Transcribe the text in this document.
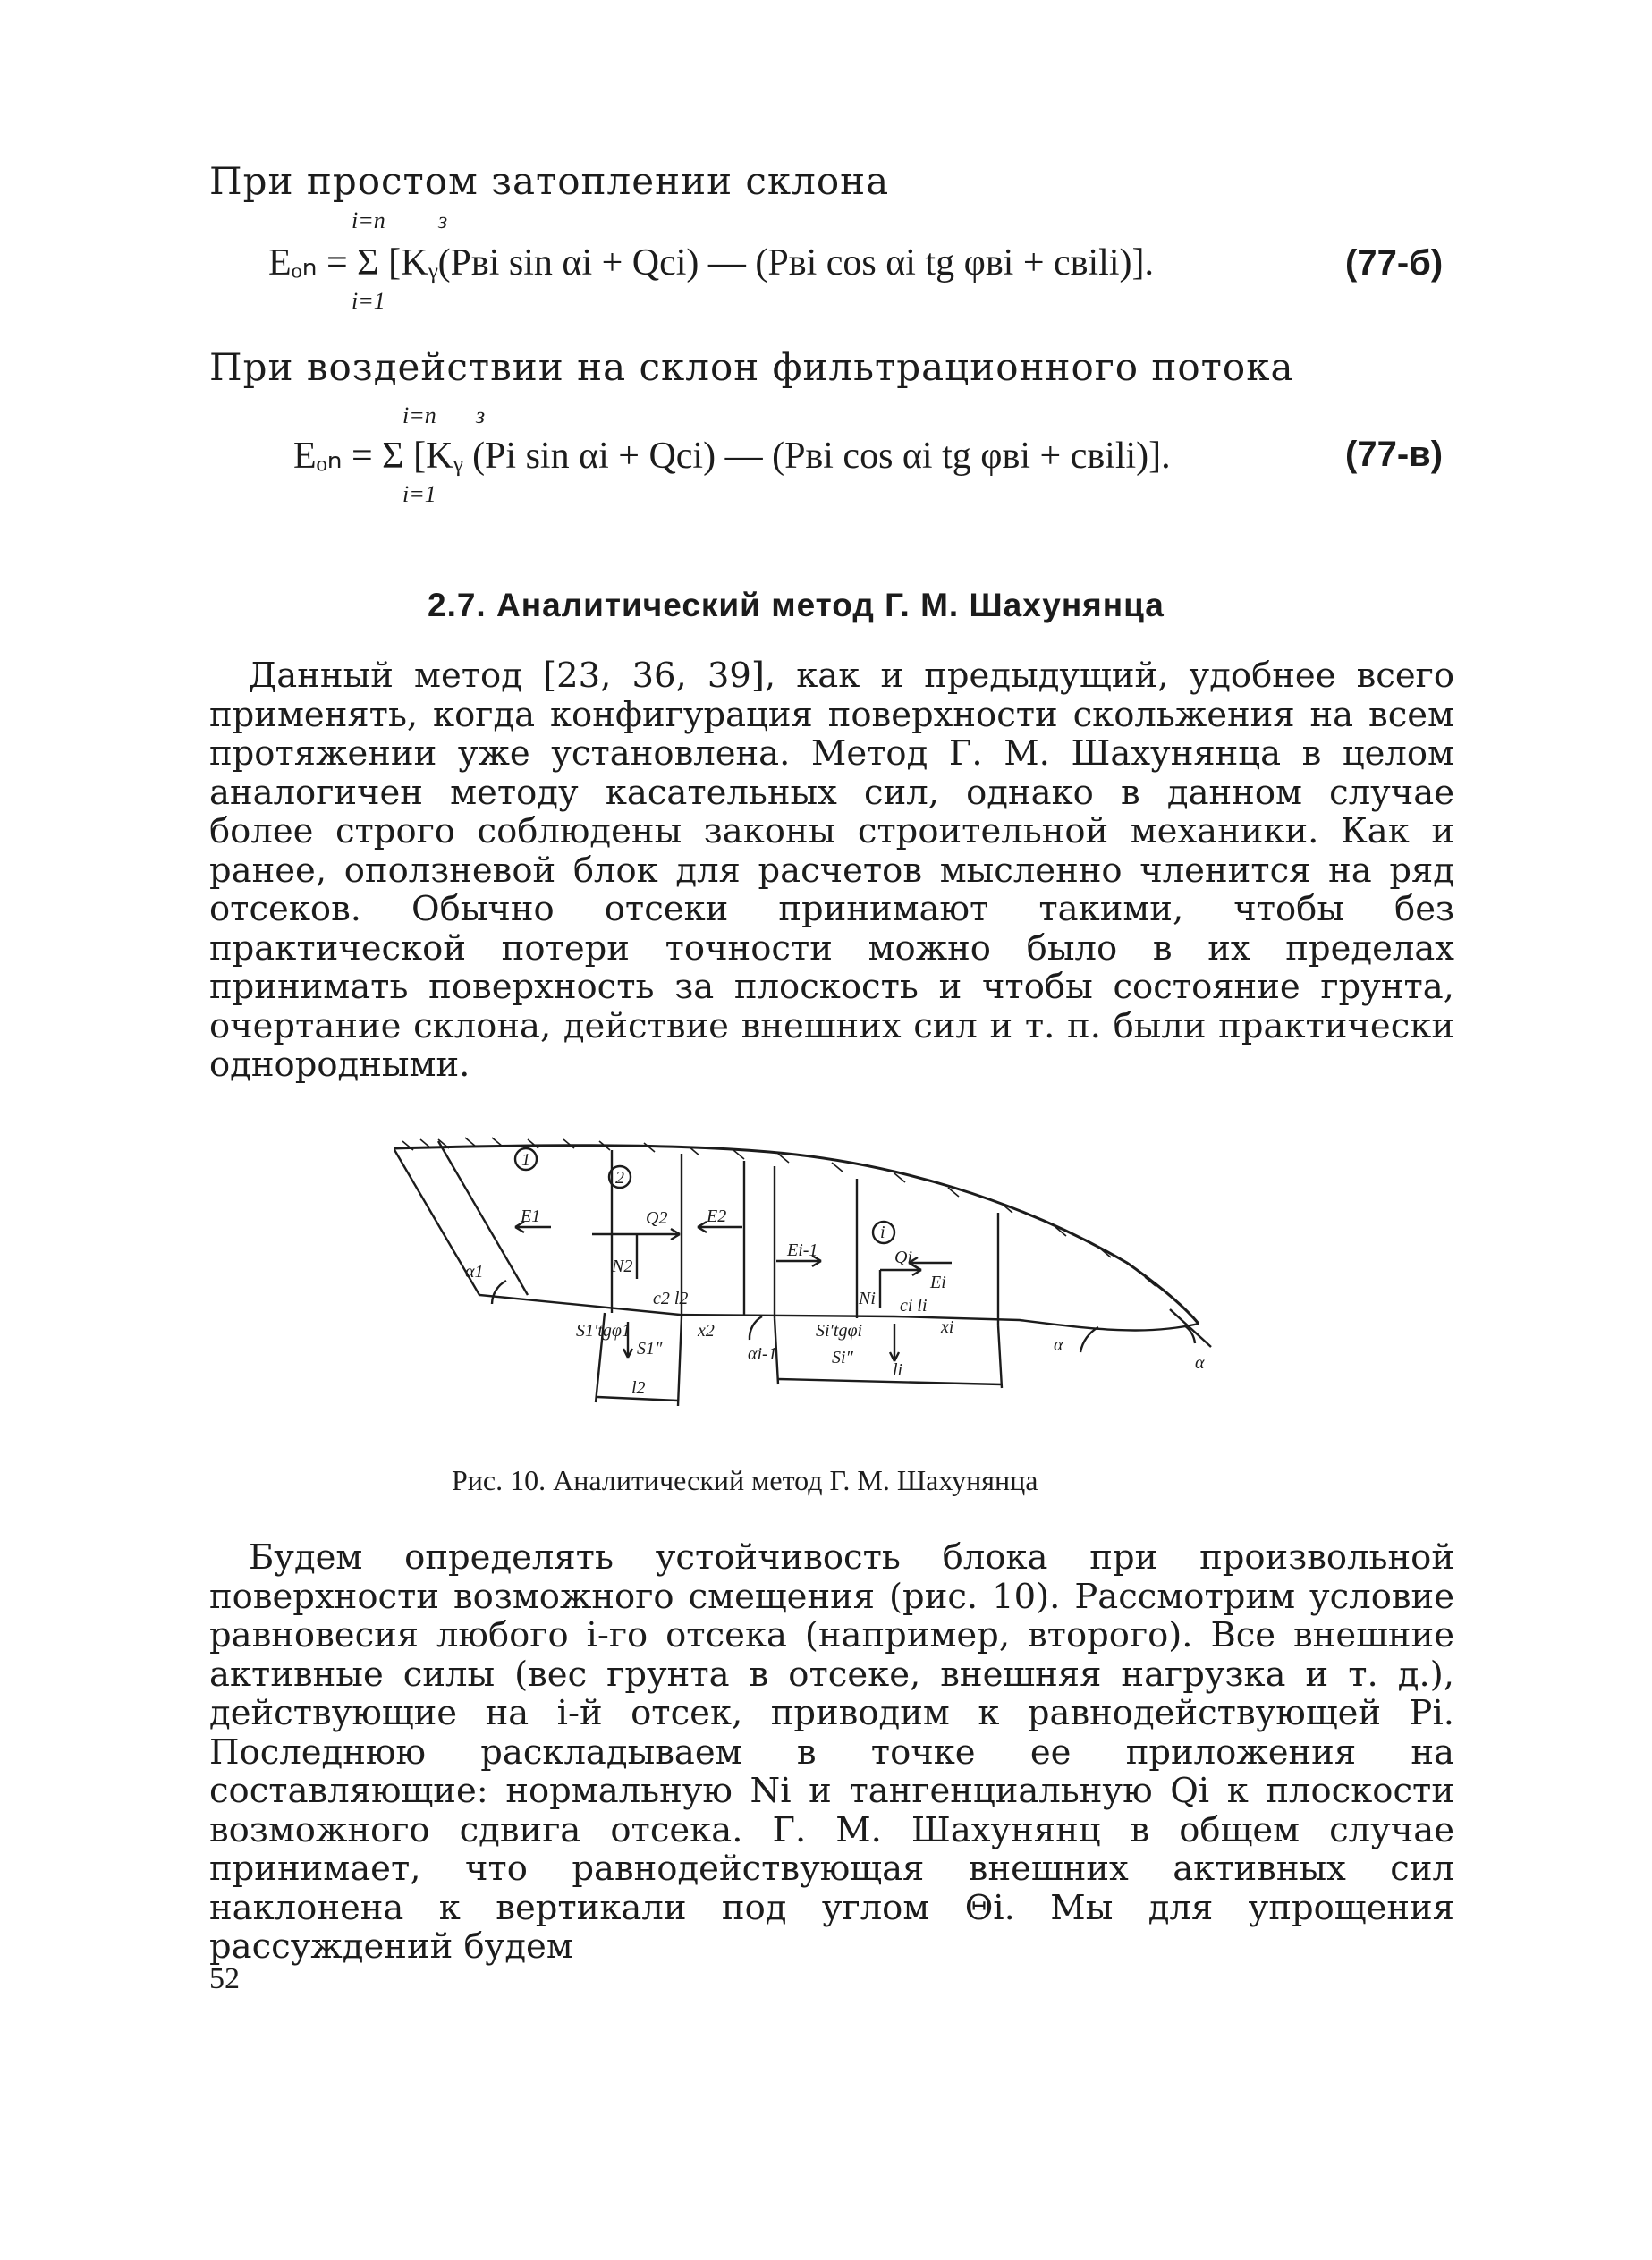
При простом затоплении склона
i=n з
Eₒₙ = Σ [Kᵧ(Pвi sin αi + Qсi) — (Pвi cos αi tg φвi + cвili)].
i=1
(77-б)
При воздействии на склон фильтрационного потока
i=n з
Eₒₙ = Σ [Kᵧ (Pi sin αi + Qсi) — (Pвi cos αi tg φвi + cвili)].
i=1
(77-в)
2.7. Аналитический метод Г. М. Шахунянца
Данный метод [23, 36, 39], как и предыдущий, удобнее всего применять, когда конфигурация поверхности скольжения на всем протяжении уже установлена. Метод Г. М. Шахунянца в целом аналогичен методу касательных сил, однако в данном случае более строго соблюдены законы строительной механики. Как и ранее, оползневой блок для расчетов мысленно членится на ряд отсеков. Обычно отсеки принимают такими, чтобы без практической потери точности можно было в их пределах принимать поверхность за плоскость и чтобы состояние грунта, очертание склона, действие внешних сил и т. п. были практически однородными.
1
2
i
E1	E2
Ei-1
Ei
Q2
Qi
N2
Ni
α1
αi-1	α
α
c2 l2	ci li
S1′tgφ1
S1″
Si′tgφi
Si″
x2	xi
l2
li
Рис. 10. Аналитический метод Г. М. Шахунянца
Будем определять устойчивость блока при произвольной поверхности возможного смещения (рис. 10). Рассмотрим условие равновесия любого i-го отсека (например, второго). Все внешние активные силы (вес грунта в отсеке, внешняя нагрузка и т. д.), действующие на i-й отсек, приводим к равнодействующей Pi. Последнюю раскладываем в точке ее приложения на составляющие: нормальную Ni и тангенциальную Qi к плоскости возможного сдвига отсека. Г. М. Шахунянц в общем случае принимает, что равнодействующая внешних активных сил наклонена к вертикали под углом Θi. Мы для упрощения рассуждений будем
52
